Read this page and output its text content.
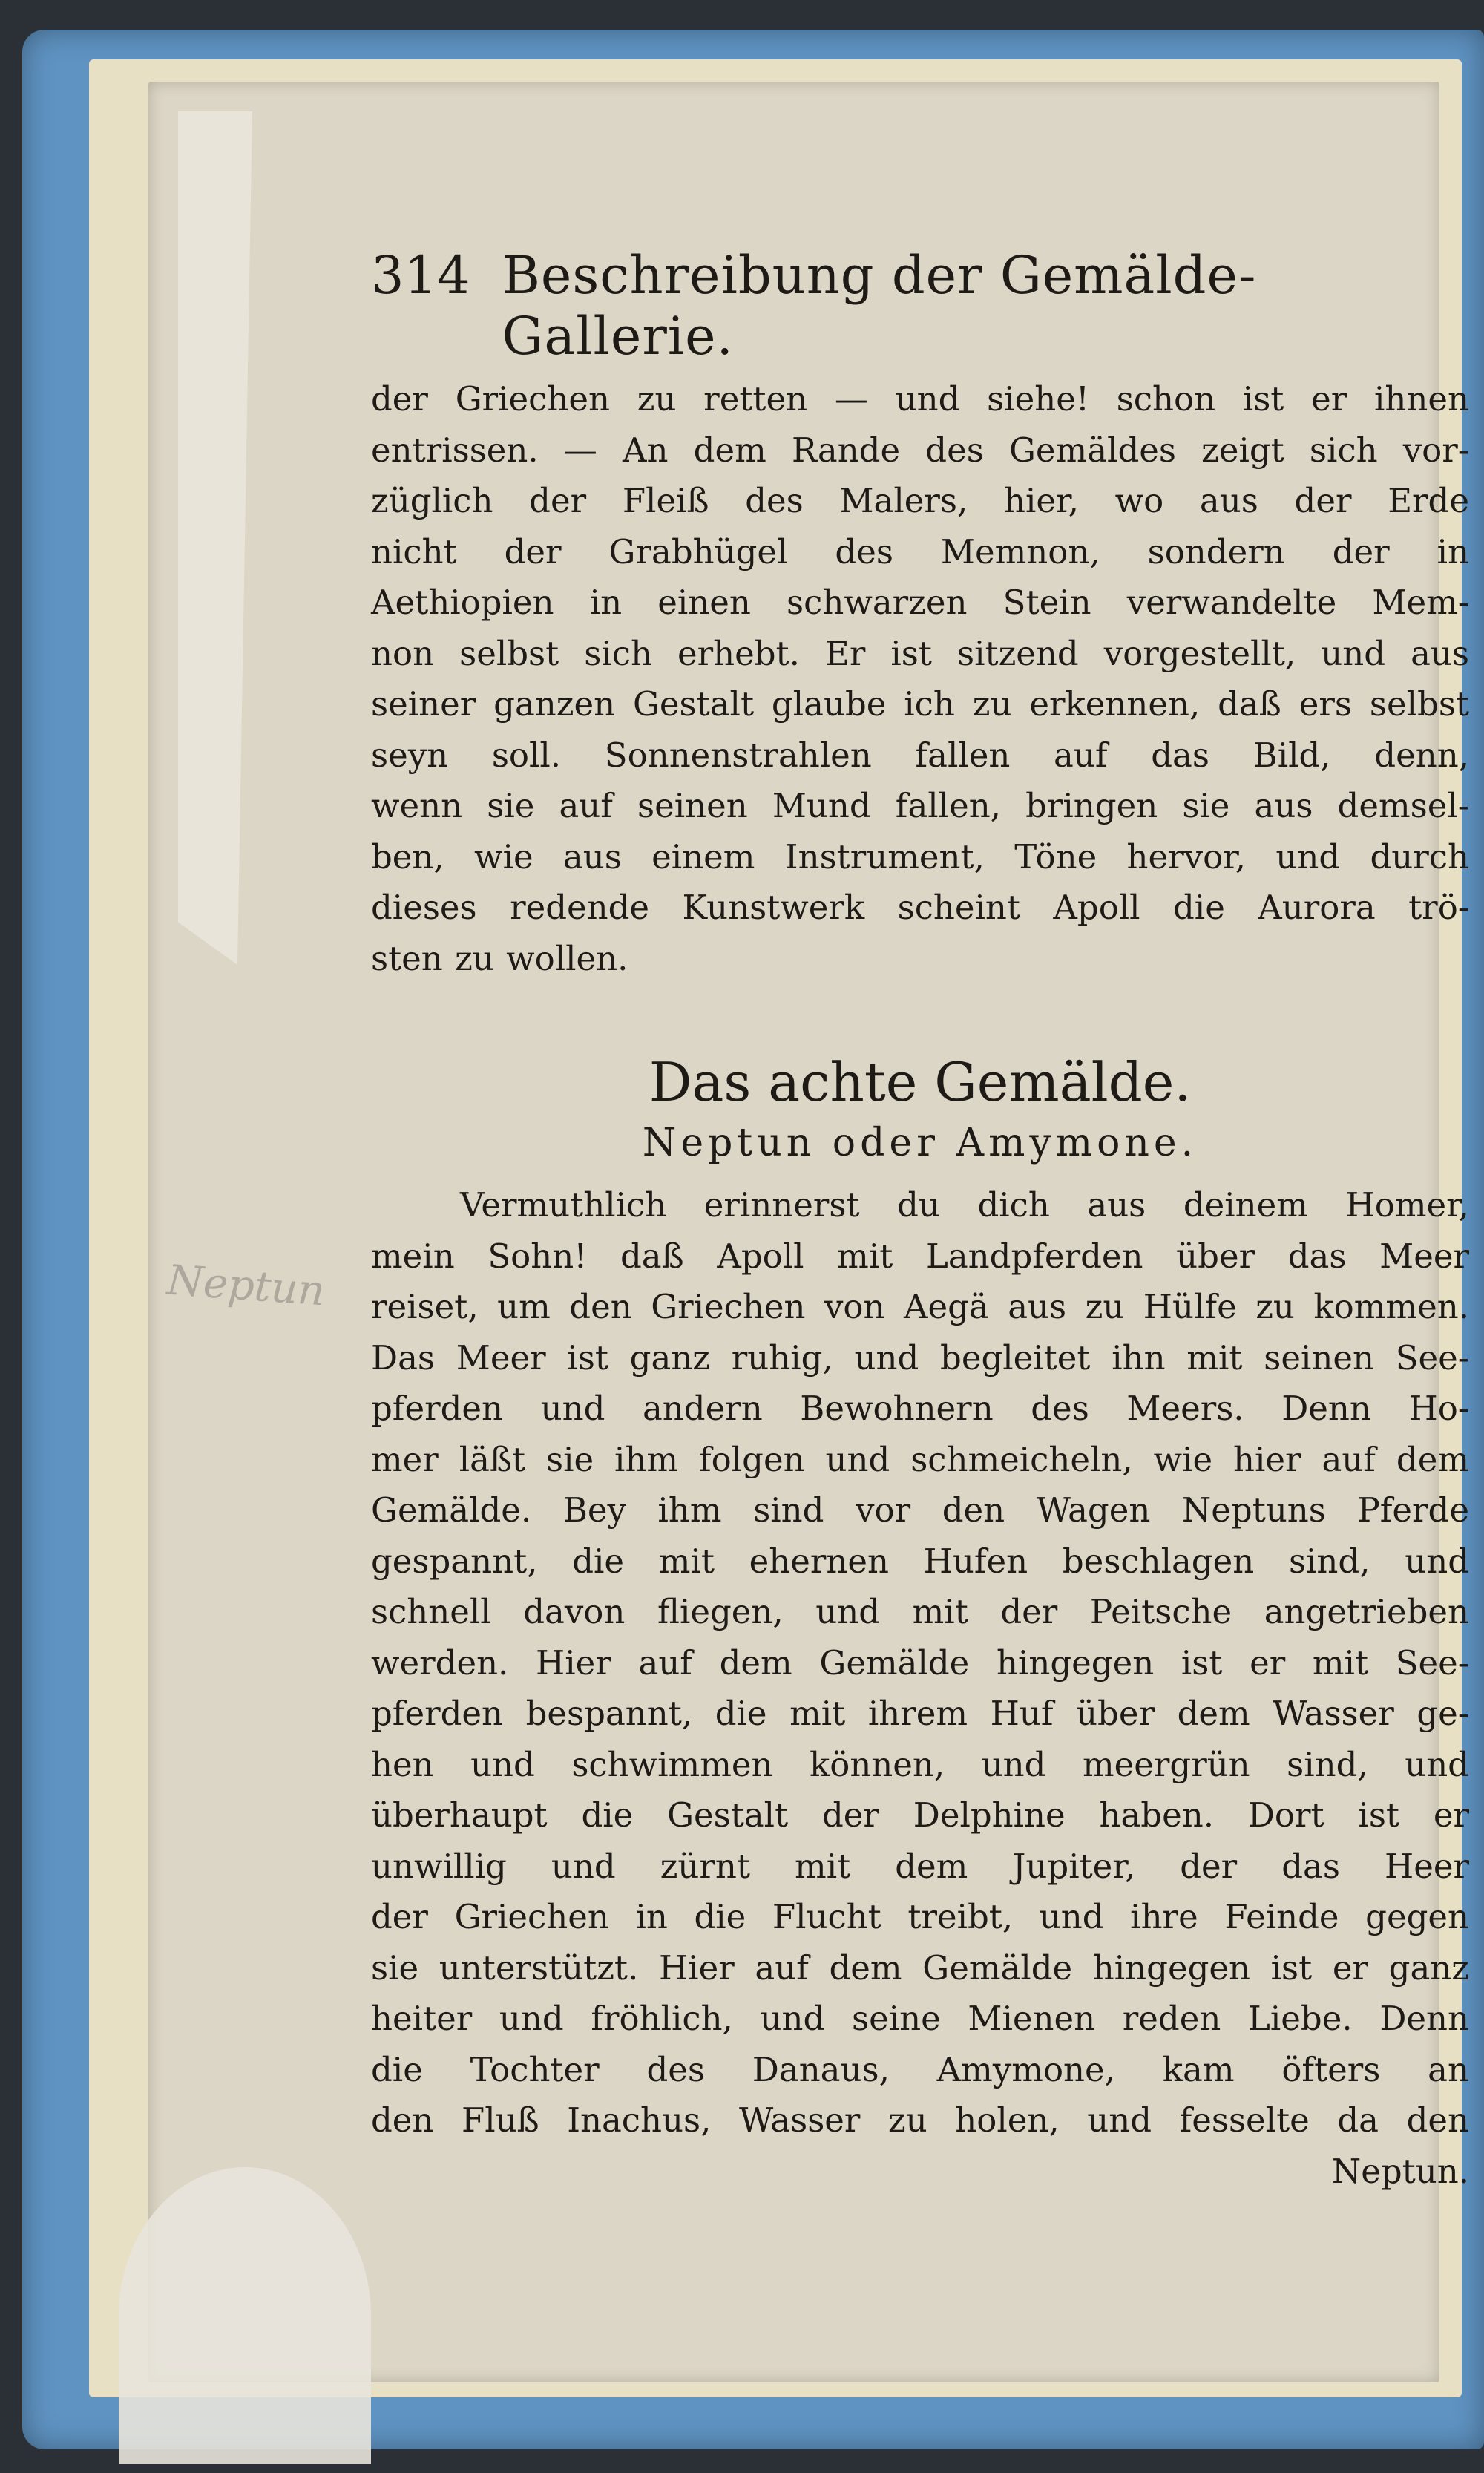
Neptun
314 Beschreibung der Gemälde-Gallerie.
der Griechen zu retten — und siehe! schon ist er ihnen
entrissen. — An dem Rande des Gemäldes zeigt sich vor-
züglich der Fleiß des Malers, hier, wo aus der Erde
nicht der Grabhügel des Memnon, sondern der in
Aethiopien in einen schwarzen Stein verwandelte Mem-
non selbst sich erhebt. Er ist sitzend vorgestellt, und aus
seiner ganzen Gestalt glaube ich zu erkennen, daß ers selbst
seyn soll. Sonnenstrahlen fallen auf das Bild, denn,
wenn sie auf seinen Mund fallen, bringen sie aus demsel-
ben, wie aus einem Instrument, Töne hervor, und durch
dieses redende Kunstwerk scheint Apoll die Aurora trö-
sten zu wollen.
Das achte Gemälde.
Neptun oder Amymone.
Vermuthlich erinnerst du dich aus deinem Homer,
mein Sohn! daß Apoll mit Landpferden über das Meer
reiset, um den Griechen von Aegä aus zu Hülfe zu kommen.
Das Meer ist ganz ruhig, und begleitet ihn mit seinen See-
pferden und andern Bewohnern des Meers. Denn Ho-
mer läßt sie ihm folgen und schmeicheln, wie hier auf dem
Gemälde. Bey ihm sind vor den Wagen Neptuns Pferde
gespannt, die mit ehernen Hufen beschlagen sind, und
schnell davon fliegen, und mit der Peitsche angetrieben
werden. Hier auf dem Gemälde hingegen ist er mit See-
pferden bespannt, die mit ihrem Huf über dem Wasser ge-
hen und schwimmen können, und meergrün sind, und
überhaupt die Gestalt der Delphine haben. Dort ist er
unwillig und zürnt mit dem Jupiter, der das Heer
der Griechen in die Flucht treibt, und ihre Feinde gegen
sie unterstützt. Hier auf dem Gemälde hingegen ist er ganz
heiter und fröhlich, und seine Mienen reden Liebe. Denn
die Tochter des Danaus, Amymone, kam öfters an
den Fluß Inachus, Wasser zu holen, und fesselte da den
Neptun.
